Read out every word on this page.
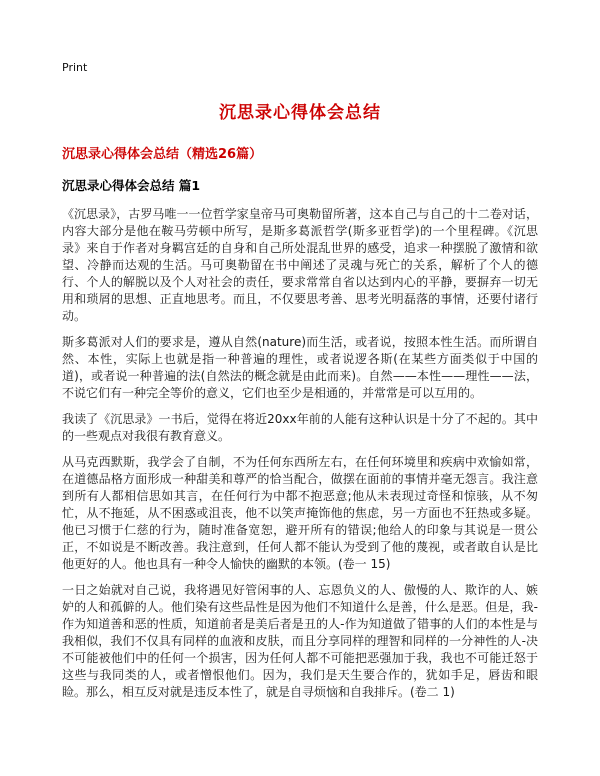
Print
沉思录心得体会总结
沉思录心得体会总结（精选26篇）
沉思录心得体会总结 篇1

《沉思录》，古罗马唯一一位哲学家皇帝马可奥勒留所著，这本自己与自己的十二卷对话，内容大部分是他在鞍马劳顿中所写，是斯多葛派哲学(斯多亚哲学)的一个里程碑。《沉思录》来自于作者对身羁宫廷的自身和自己所处混乱世界的感受，追求一种摆脱了激情和欲望、冷静而达观的生活。马可奥勒留在书中阐述了灵魂与死亡的关系，解析了个人的德行、个人的解脱以及个人对社会的责任，要求常常自省以达到内心的平静，要摒弃一切无用和琐屑的思想、正直地思考。而且，不仅要思考善、思考光明磊落的事情，还要付诸行动。

斯多葛派对人们的要求是，遵从自然(nature)而生活，或者说，按照本性生活。而所谓自然、本性，实际上也就是指一种普遍的理性，或者说逻各斯(在某些方面类似于中国的道)，或者说一种普遍的法(自然法的概念就是由此而来)。自然——本性——理性——法，不说它们有一种完全等价的意义，它们也至少是相通的，并常常是可以互用的。

我读了《沉思录》一书后，觉得在将近20xx年前的人能有这种认识是十分了不起的。其中的一些观点对我很有教育意义。

从马克西默斯，我学会了自制，不为任何东西所左右，在任何环境里和疾病中欢愉如常，在道德品格方面形成一种甜美和尊严的恰当配合，做摆在面前的事情并毫无怨言。我注意到所有人都相信思如其言，在任何行为中都不抱恶意;他从未表现过奇怪和惊骇，从不匆忙，从不拖延，从不困惑或沮丧，他不以笑声掩饰他的焦虑，另一方面也不狂热或多疑。他已习惯于仁慈的行为，随时准备宽恕，避开所有的错误;他给人的印象与其说是一贯公正，不如说是不断改善。我注意到，任何人都不能认为受到了他的蔑视，或者敢自认是比他更好的人。他也具有一种令人愉快的幽默的本领。(卷一 15)

一日之始就对自己说，我将遇见好管闲事的人、忘恩负义的人、傲慢的人、欺诈的人、嫉妒的人和孤僻的人。他们染有这些品性是因为他们不知道什么是善，什么是恶。但是，我-作为知道善和恶的性质，知道前者是美后者是丑的人-作为知道做了错事的人们的本性是与我相似，我们不仅具有同样的血液和皮肤，而且分享同样的理智和同样的一分神性的人-决不可能被他们中的任何一个损害，因为任何人都不可能把恶强加于我，我也不可能迁怒于这些与我同类的人，或者憎恨他们。因为，我们是天生要合作的，犹如手足，唇齿和眼睑。那么，相互反对就是违反本性了，就是自寻烦恼和自我排斥。(卷二 1)
